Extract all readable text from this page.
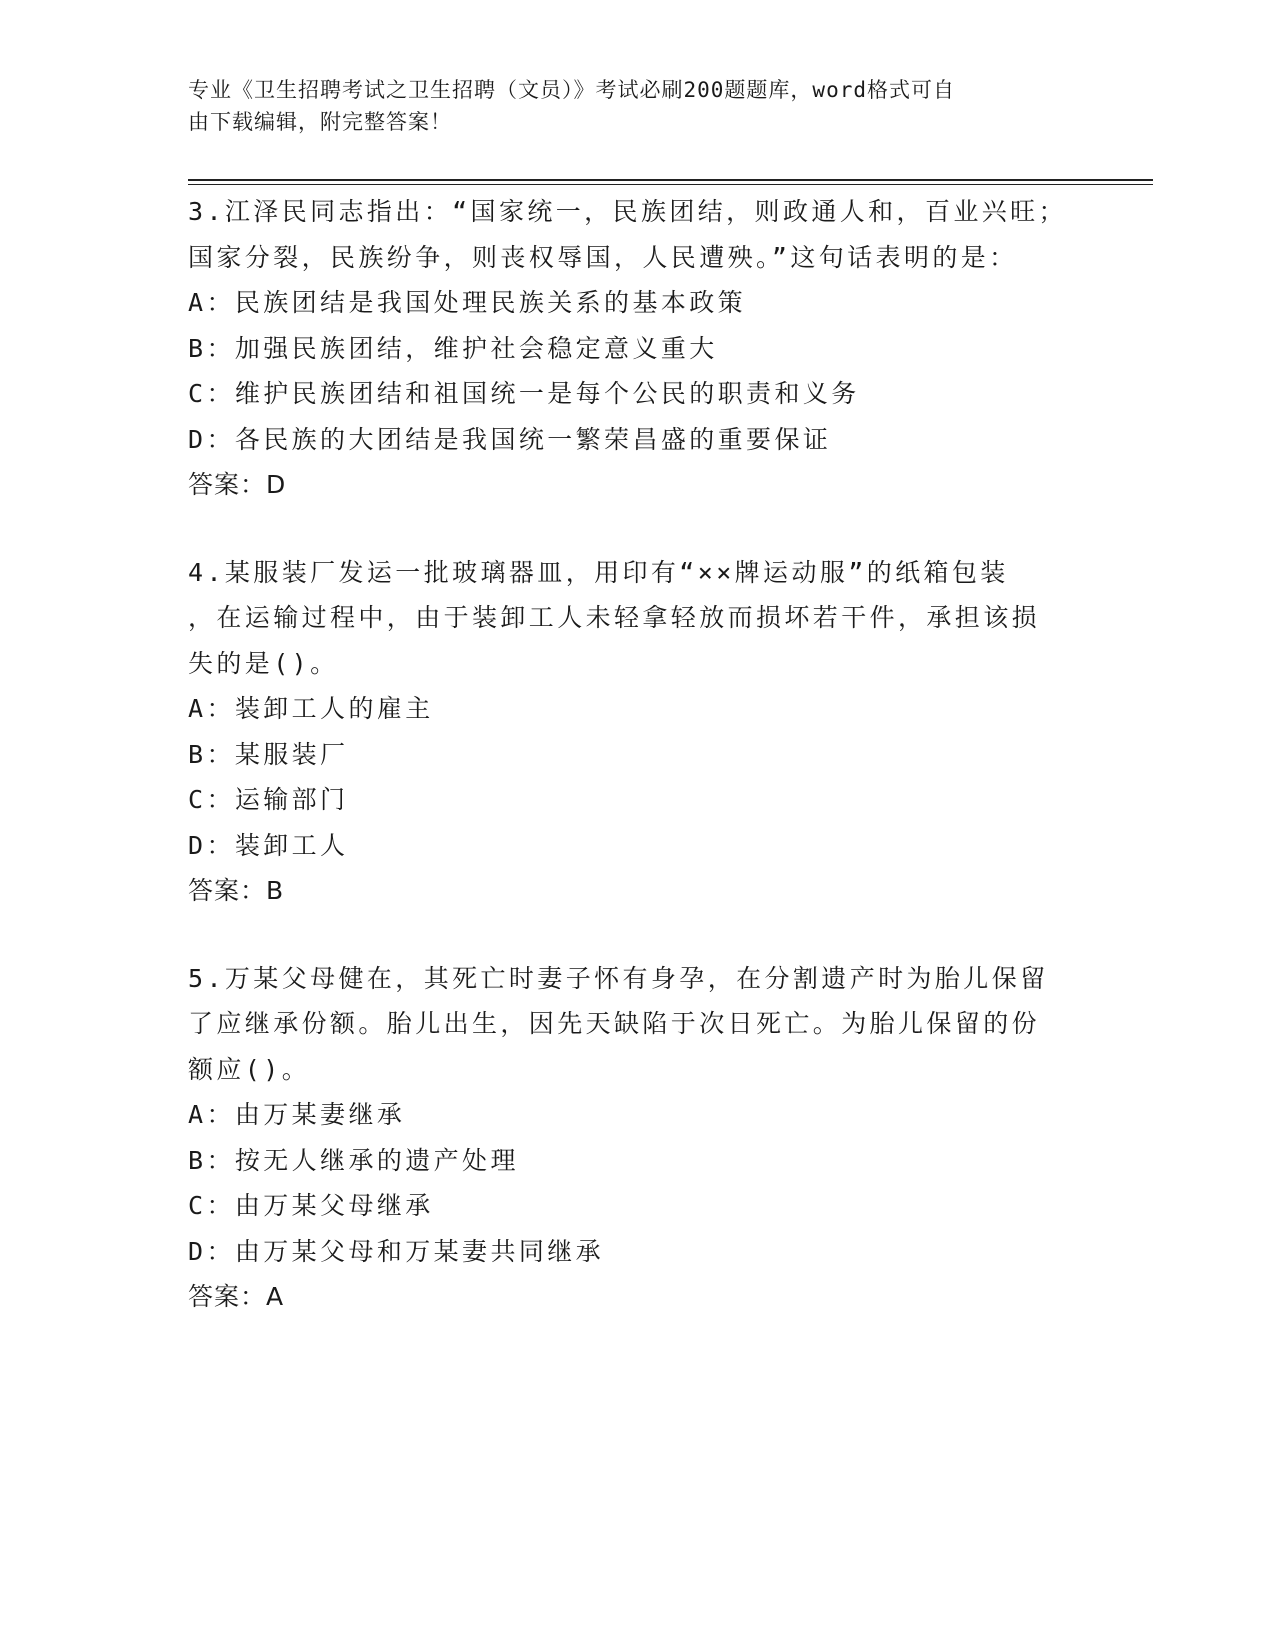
专业《卫生招聘考试之卫生招聘（文员）》考试必刷200题题库，word格式可自
由下载编辑，附完整答案！
3.江泽民同志指出：“国家统一，民族团结，则政通人和，百业兴旺；
国家分裂，民族纷争，则丧权辱国，人民遭殃。”这句话表明的是：
A：民族团结是我国处理民族关系的基本政策
B：加强民族团结，维护社会稳定意义重大
C：维护民族团结和祖国统一是每个公民的职责和义务
D：各民族的大团结是我国统一繁荣昌盛的重要保证
答案：D
4.某服装厂发运一批玻璃器皿，用印有“××牌运动服”的纸箱包装
，在运输过程中，由于装卸工人未轻拿轻放而损坏若干件，承担该损
失的是()。
A：装卸工人的雇主
B：某服装厂
C：运输部门
D：装卸工人
答案：B
5.万某父母健在，其死亡时妻子怀有身孕，在分割遗产时为胎儿保留
了应继承份额。胎儿出生，因先天缺陷于次日死亡。为胎儿保留的份
额应()。
A：由万某妻继承
B：按无人继承的遗产处理
C：由万某父母继承
D：由万某父母和万某妻共同继承
答案：A
